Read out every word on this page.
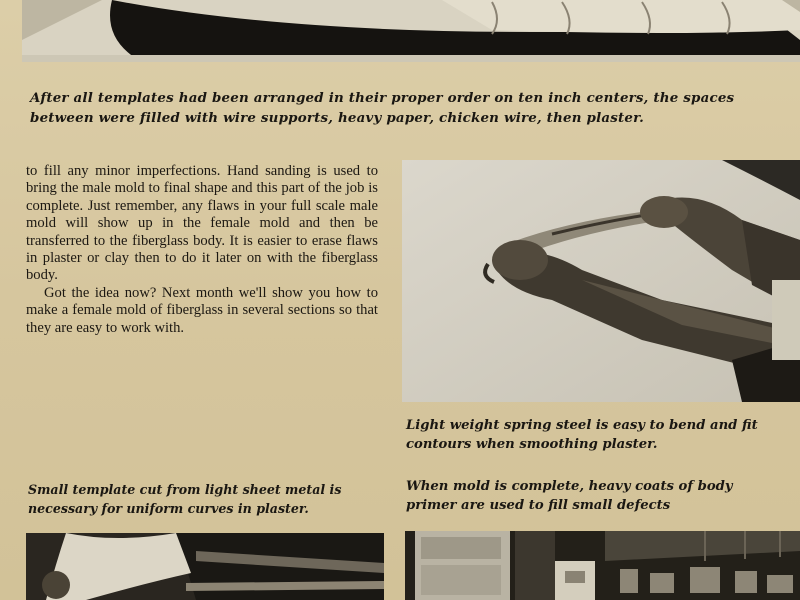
After all templates had been arranged in their proper order on ten inch centers, the spaces between were filled with wire supports, heavy paper, chicken wire, then plaster.

to fill any minor imperfections. Hand sanding is used to bring the male mold to final shape and this part of the job is complete. Just remember, any flaws in your full scale male mold will show up in the female mold and then be transferred to the fiberglass body. It is easier to erase flaws in plaster or clay then to do it later on with the fiberglass body.

Got the idea now? Next month we'll show you how to make a female mold of fiberglass in several sections so that they are easy to work with.

Light weight spring steel is easy to bend and fit contours when smoothing plaster.

Small template cut from light sheet metal is necessary for uniform curves in plaster.

When mold is complete, heavy coats of body primer are used to fill small defects
